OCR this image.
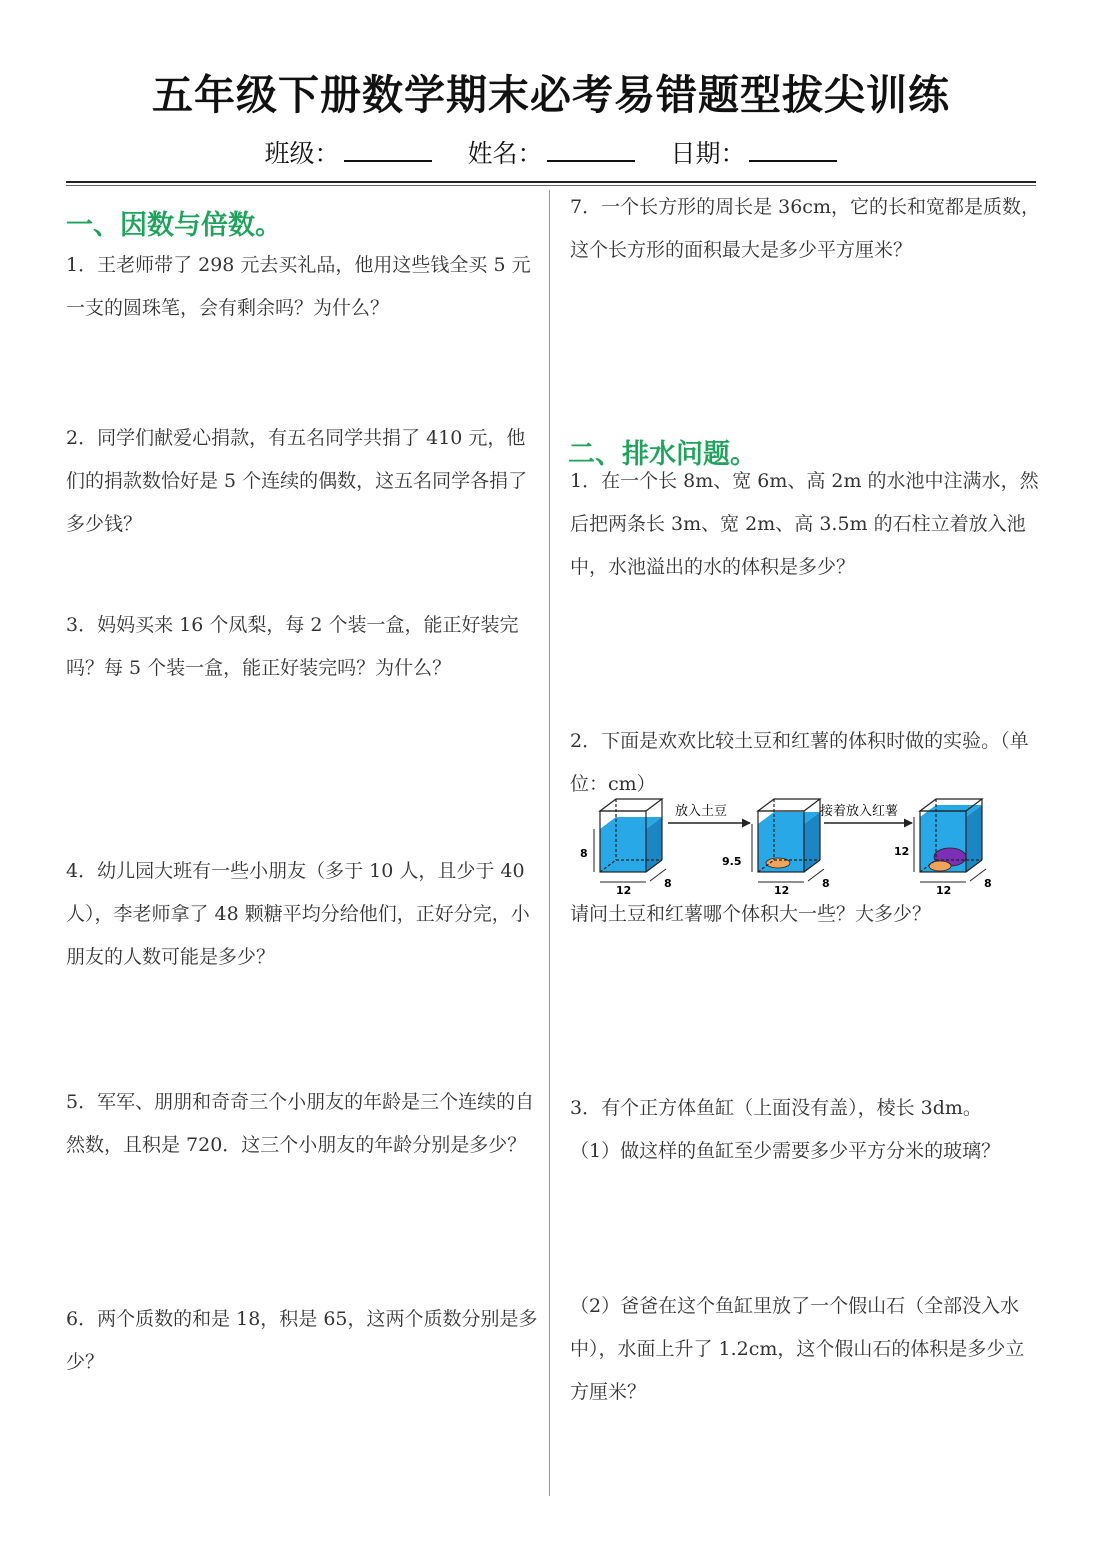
五年级下册数学期末必考易错题型拔尖训练
班级：	姓名：	日期：
一、因数与倍数。
1．王老师带了 298 元去买礼品，他用这些钱全买 5 元一支的圆珠笔，会有剩余吗？为什么？
2．同学们献爱心捐款，有五名同学共捐了 410 元，他们的捐款数恰好是 5 个连续的偶数，这五名同学各捐了多少钱？
3．妈妈买来 16 个凤梨，每 2 个装一盒，能正好装完吗？每 5 个装一盒，能正好装完吗？为什么？
4．幼儿园大班有一些小朋友（多于 10 人，且少于 40 人），李老师拿了 48 颗糖平均分给他们，正好分完，小朋友的人数可能是多少？
5．军军、朋朋和奇奇三个小朋友的年龄是三个连续的自然数，且积是 720．这三个小朋友的年龄分别是多少？
6．两个质数的和是 18，积是 65，这两个质数分别是多少？
7．一个长方形的周长是 36cm，它的长和宽都是质数，这个长方形的面积最大是多少平方厘米？
二、排水问题。
1．在一个长 8m、宽 6m、高 2m 的水池中注满水，然后把两条长 3m、宽 2m、高 3.5m 的石柱立着放入池中，水池溢出的水的体积是多少？
2．下面是欢欢比较土豆和红薯的体积时做的实验。（单位：cm）
8
12
8
放入土豆
9.5
12
8
接着放入红薯
12
12
8
请问土豆和红薯哪个体积大一些？大多少？
3．有个正方体鱼缸（上面没有盖），棱长 3dm。
（1）做这样的鱼缸至少需要多少平方分米的玻璃？
（2）爸爸在这个鱼缸里放了一个假山石（全部没入水中），水面上升了 1.2cm，这个假山石的体积是多少立方厘米？
